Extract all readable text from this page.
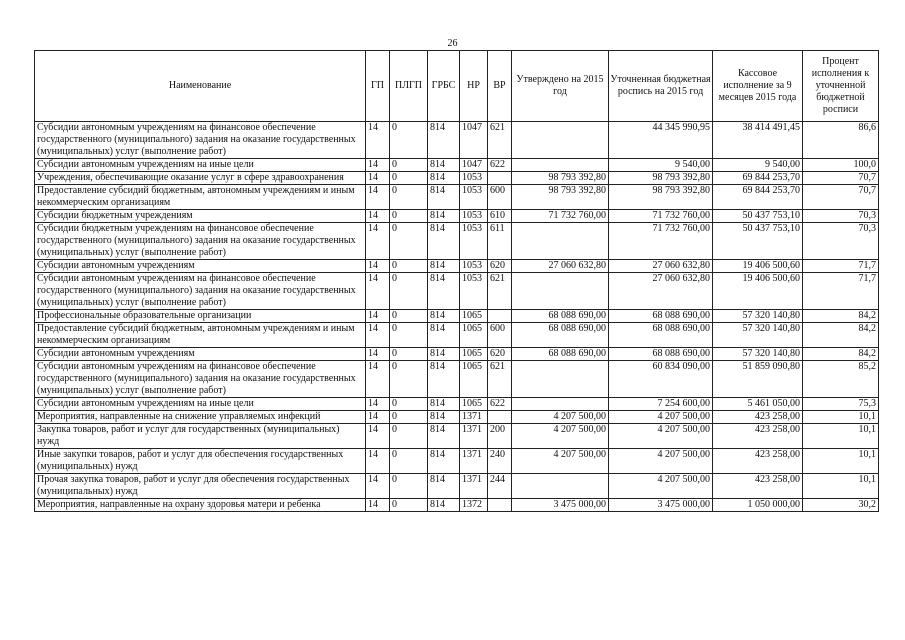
26
Наименование	ГП	ПЛГП	ГРБС	НР	ВР	Утверждено на 2015 год	Уточненная бюджетная роспись на 2015 год	Кассовое исполнение за 9 месяцев 2015 года	Процент исполнения к уточненной бюджетной росписи
Субсидии автономным учреждениям на финансовое обеспечение государственного (муниципального) задания на оказание государственных (муниципальных) услуг (выполнение работ)	14	0	814	1047	621		44 345 990,95	38 414 491,45	86,6
Субсидии автономным учреждениям на иные цели	14	0	814	1047	622		9 540,00	9 540,00	100,0
Учреждения, обеспечивающие оказание услуг в сфере здравоохранения	14	0	814	1053		98 793 392,80	98 793 392,80	69 844 253,70	70,7
Предоставление субсидий бюджетным, автономным учреждениям и иным некоммерческим организациям	14	0	814	1053	600	98 793 392,80	98 793 392,80	69 844 253,70	70,7
Субсидии бюджетным учреждениям	14	0	814	1053	610	71 732 760,00	71 732 760,00	50 437 753,10	70,3
Субсидии бюджетным учреждениям на финансовое обеспечение государственного (муниципального) задания на оказание государственных (муниципальных) услуг (выполнение работ)	14	0	814	1053	611		71 732 760,00	50 437 753,10	70,3
Субсидии автономным учреждениям	14	0	814	1053	620	27 060 632,80	27 060 632,80	19 406 500,60	71,7
Субсидии автономным учреждениям на финансовое обеспечение государственного (муниципального) задания на оказание государственных (муниципальных) услуг (выполнение работ)	14	0	814	1053	621		27 060 632,80	19 406 500,60	71,7
Профессиональные образовательные организации	14	0	814	1065		68 088 690,00	68 088 690,00	57 320 140,80	84,2
Предоставление субсидий бюджетным, автономным учреждениям и иным некоммерческим организациям	14	0	814	1065	600	68 088 690,00	68 088 690,00	57 320 140,80	84,2
Субсидии автономным учреждениям	14	0	814	1065	620	68 088 690,00	68 088 690,00	57 320 140,80	84,2
Субсидии автономным учреждениям на финансовое обеспечение государственного (муниципального) задания на оказание государственных (муниципальных) услуг (выполнение работ)	14	0	814	1065	621		60 834 090,00	51 859 090,80	85,2
Субсидии автономным учреждениям на иные цели	14	0	814	1065	622		7 254 600,00	5 461 050,00	75,3
Мероприятия, направленные на снижение управляемых инфекций	14	0	814	1371		4 207 500,00	4 207 500,00	423 258,00	10,1
Закупка товаров, работ и услуг для государственных (муниципальных) нужд	14	0	814	1371	200	4 207 500,00	4 207 500,00	423 258,00	10,1
Иные закупки товаров, работ и услуг для обеспечения государственных (муниципальных) нужд	14	0	814	1371	240	4 207 500,00	4 207 500,00	423 258,00	10,1
Прочая закупка товаров, работ и услуг для обеспечения государственных (муниципальных) нужд	14	0	814	1371	244		4 207 500,00	423 258,00	10,1
Мероприятия, направленные на охрану здоровья матери и ребенка	14	0	814	1372		3 475 000,00	3 475 000,00	1 050 000,00	30,2
